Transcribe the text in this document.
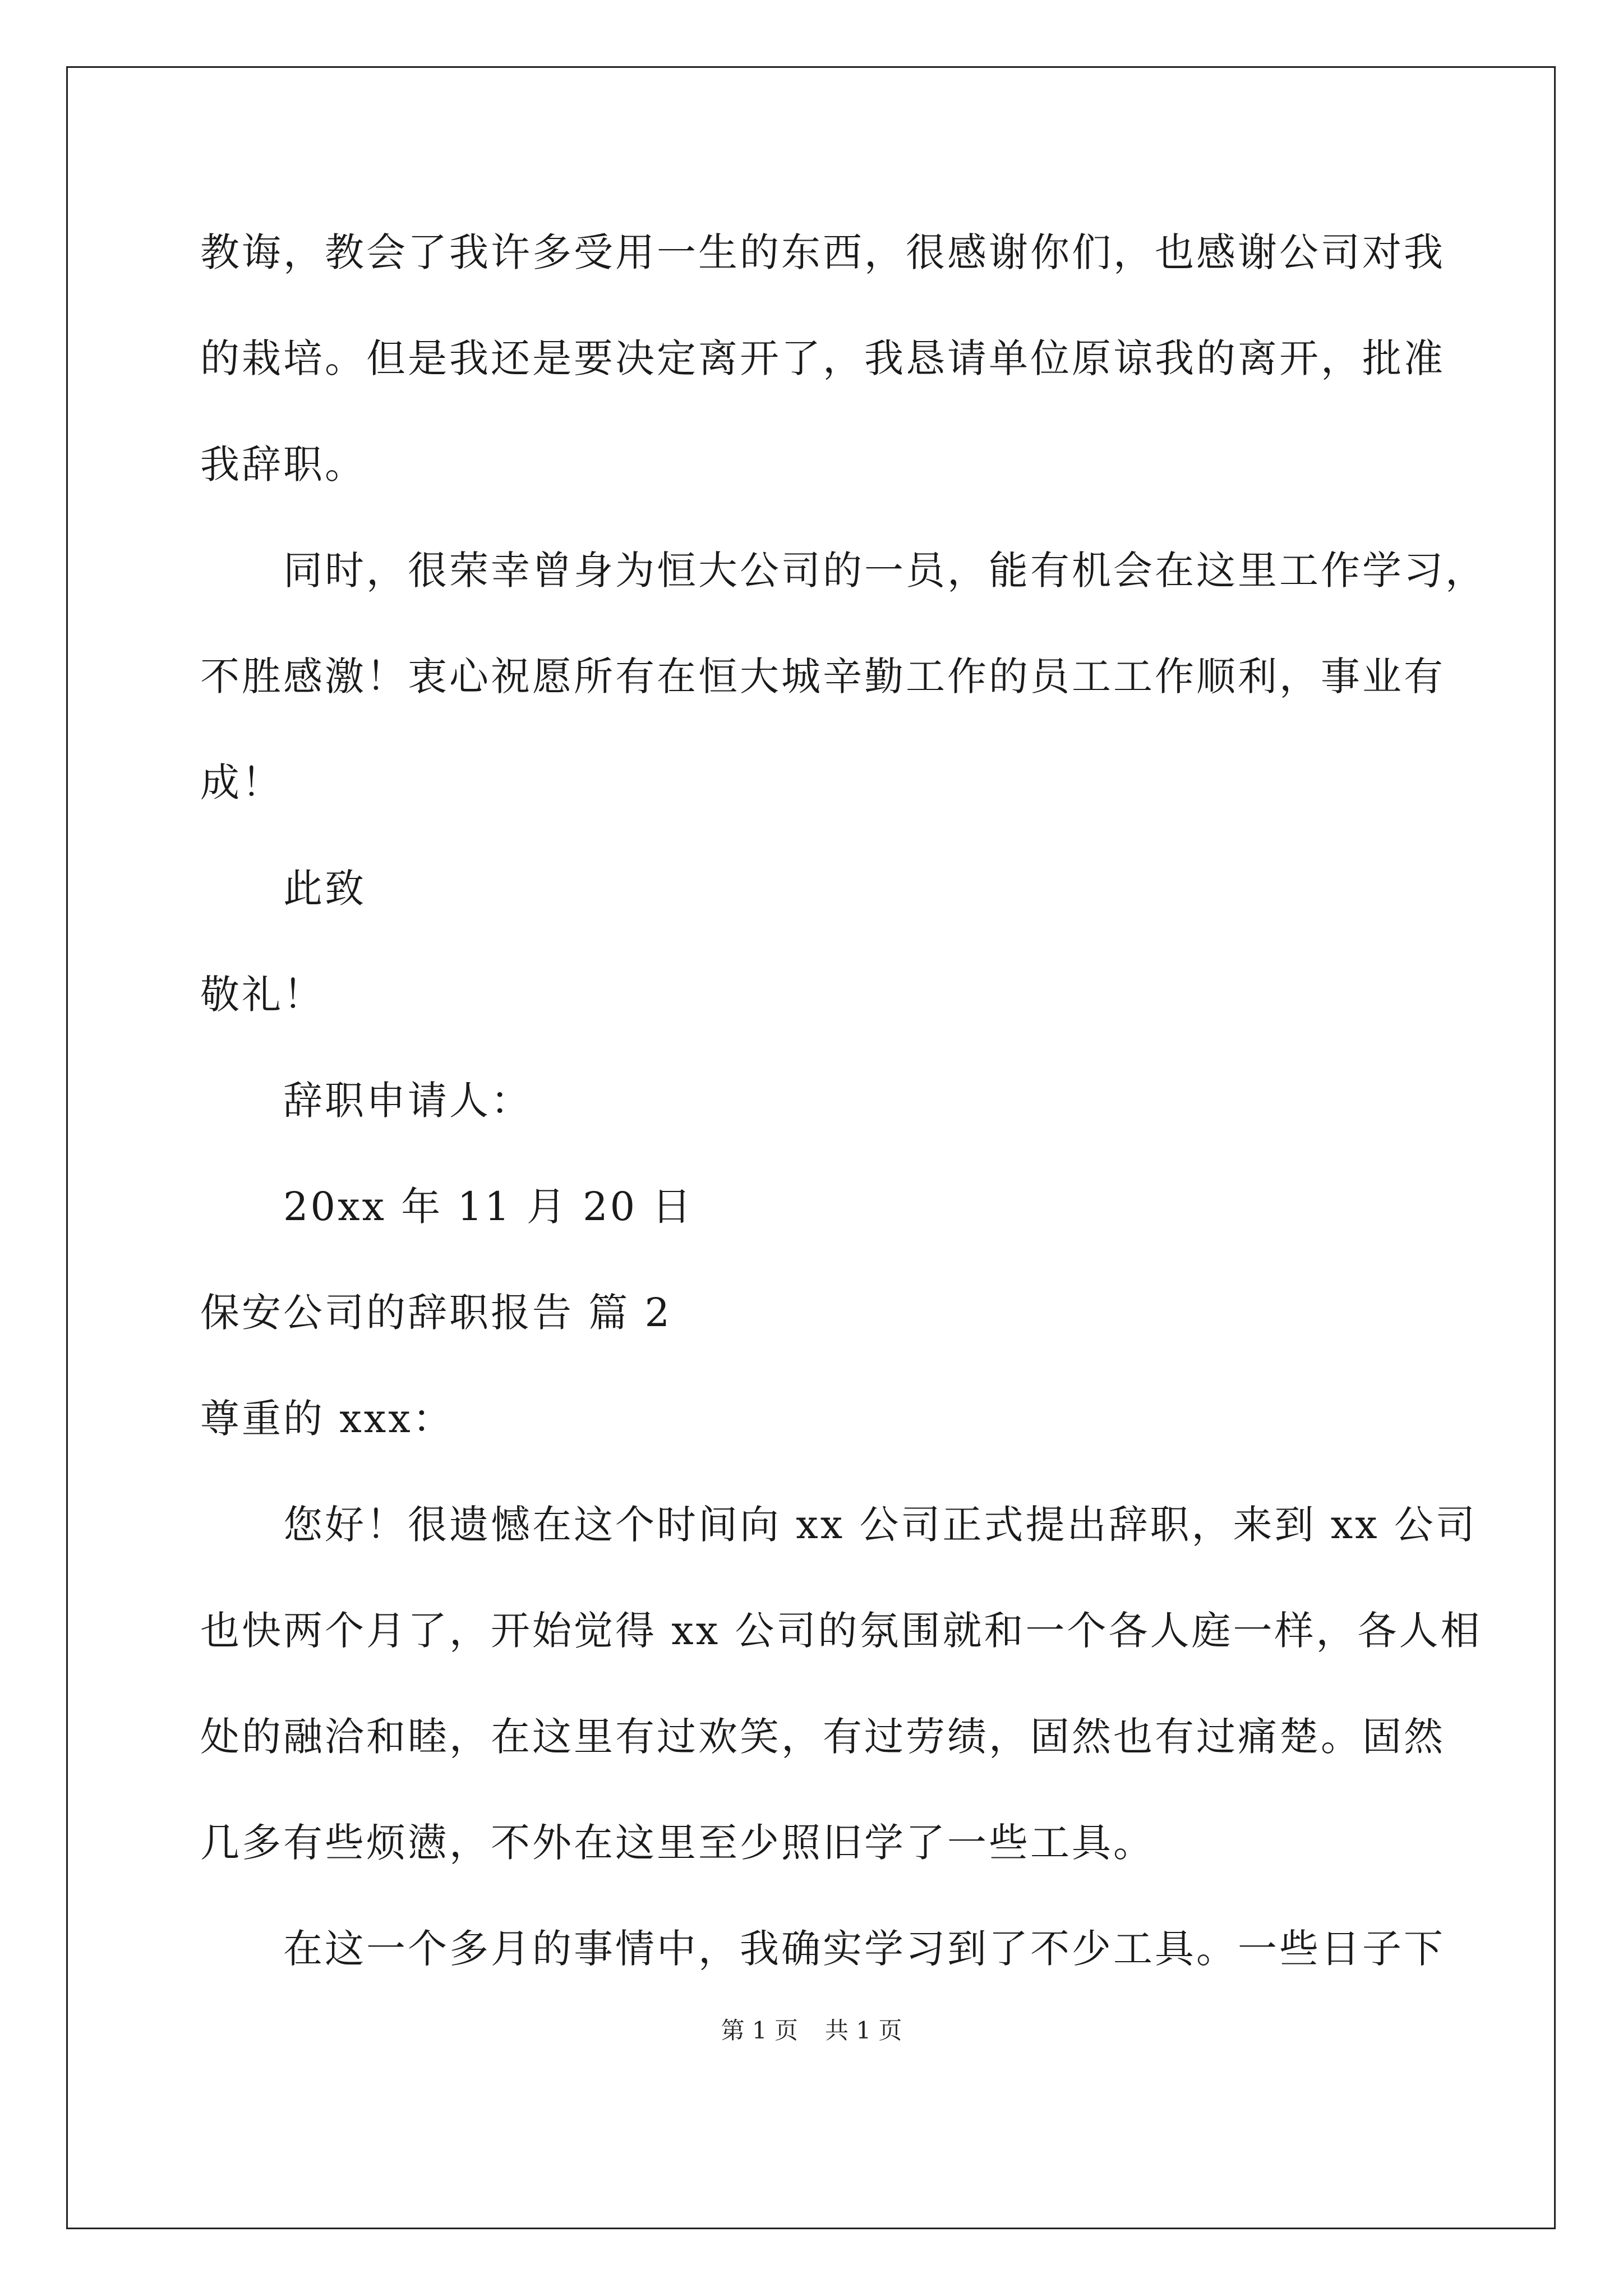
教诲，教会了我许多受用一生的东西，很感谢你们，也感谢公司对我
的栽培。但是我还是要决定离开了，我恳请单位原谅我的离开，批准
我辞职。
同时，很荣幸曾身为恒大公司的一员，能有机会在这里工作学习，
不胜感激！衷心祝愿所有在恒大城辛勤工作的员工工作顺利，事业有
成！
此致
敬礼！
辞职申请人：
20xx 年 11 月 20 日
保安公司的辞职报告 篇 2
尊重的 xxx：
您好！很遗憾在这个时间向 xx 公司正式提出辞职，来到 xx 公司
也快两个月了，开始觉得 xx 公司的氛围就和一个各人庭一样，各人相
处的融洽和睦，在这里有过欢笑，有过劳绩，固然也有过痛楚。固然
几多有些烦懑，不外在这里至少照旧学了一些工具。
在这一个多月的事情中，我确实学习到了不少工具。一些日子下
第 1 页 共 1 页
